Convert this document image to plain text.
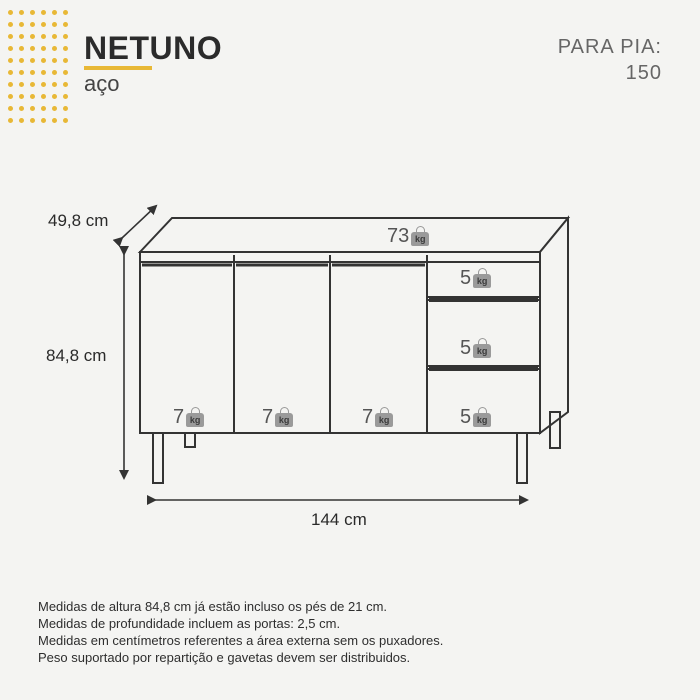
NETUNO
aço
PARA PIA:
150
49,8 cm
84,8 cm
144 cm
73 kg
5 kg
5 kg
5 kg
7 kg	7 kg	7 kg
Medidas de altura 84,8 cm já estão incluso os pés de 21 cm.
Medidas de profundidade incluem as portas: 2,5 cm.
Medidas em centímetros referentes a área externa sem os puxadores.
Peso suportado por repartição e gavetas devem ser distribuidos.
